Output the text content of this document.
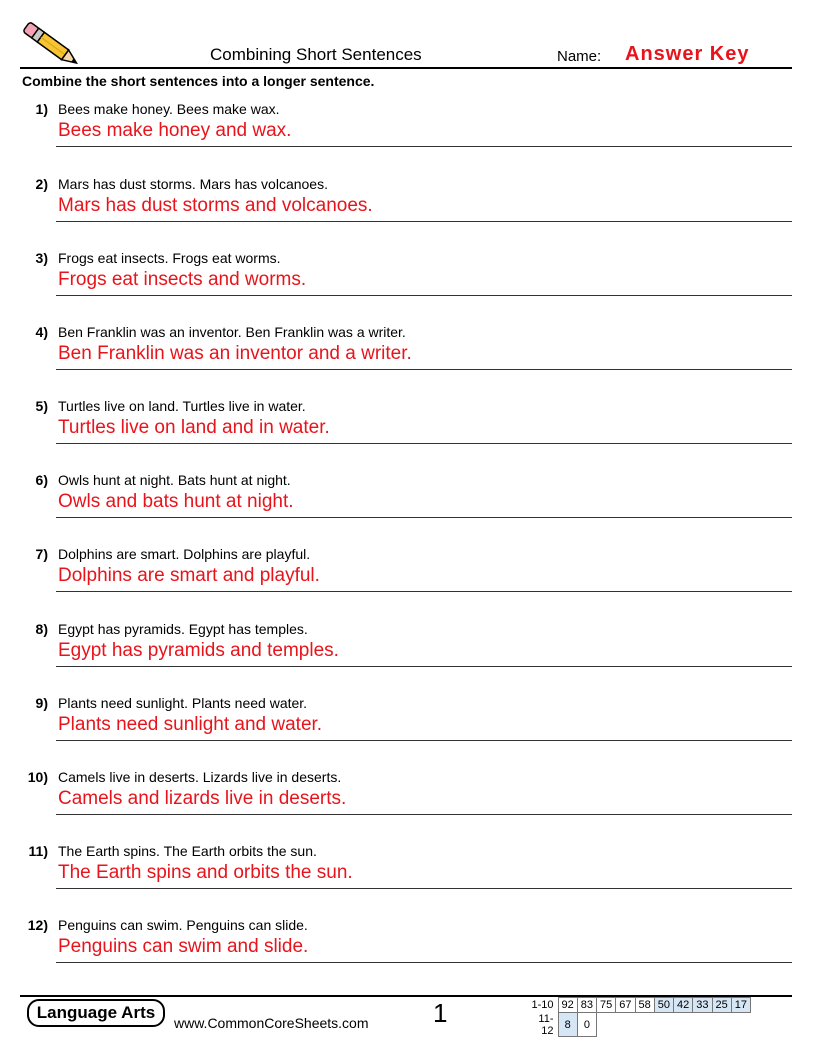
Combining Short Sentences	Name: Answer Key
Combine the short sentences into a longer sentence.
1) Bees make honey. Bees make wax.
Bees make honey and wax.
2) Mars has dust storms. Mars has volcanoes.
Mars has dust storms and volcanoes.
3) Frogs eat insects. Frogs eat worms.
Frogs eat insects and worms.
4) Ben Franklin was an inventor. Ben Franklin was a writer.
Ben Franklin was an inventor and a writer.
5) Turtles live on land. Turtles live in water.
Turtles live on land and in water.
6) Owls hunt at night. Bats hunt at night.
Owls and bats hunt at night.
7) Dolphins are smart. Dolphins are playful.
Dolphins are smart and playful.
8) Egypt has pyramids. Egypt has temples.
Egypt has pyramids and temples.
9) Plants need sunlight. Plants need water.
Plants need sunlight and water.
10) Camels live in deserts. Lizards live in deserts.
Camels and lizards live in deserts.
11) The Earth spins. The Earth orbits the sun.
The Earth spins and orbits the sun.
12) Penguins can swim. Penguins can slide.
Penguins can swim and slide.
Language Arts
www.CommonCoreSheets.com 1	1-10	92	83	75	67	58	50	42	33	25	17
11-12	8	0								
